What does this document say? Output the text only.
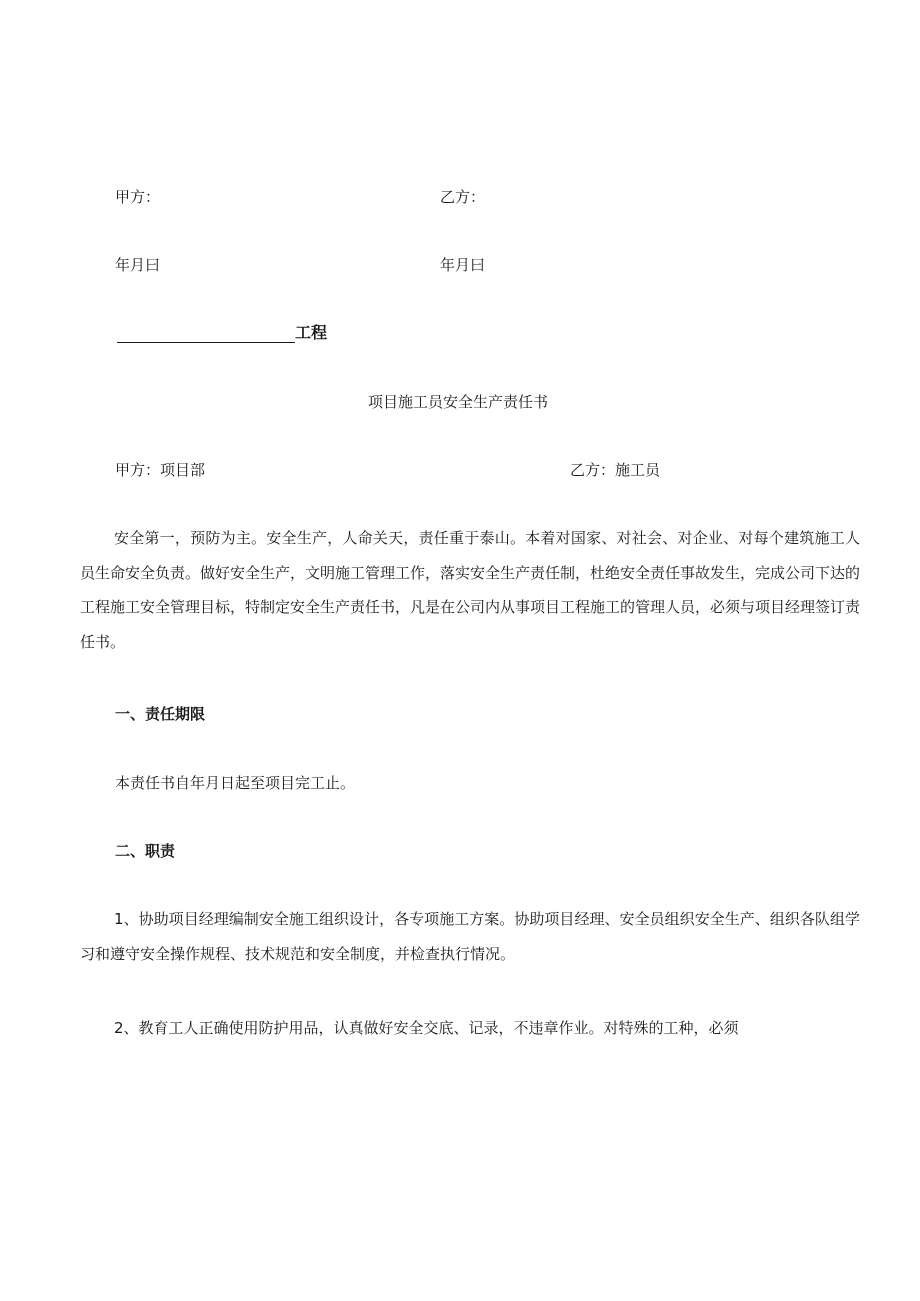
甲方：	乙方：
年月曰	年月曰
工程
项目施工员安全生产责任书
甲方：项目部	乙方：施工员

安全第一，预防为主。安全生产，人命关天，责任重于泰山。本着对国家、对社会、对企业、对每个建筑施工人员生命安全负责。做好安全生产，文明施工管理工作，落实安全生产责任制，杜绝安全责任事故发生，完成公司下达的工程施工安全管理目标，特制定安全生产责任书，凡是在公司内从事项目工程施工的管理人员，必须与项目经理签订责任书。

一、责任期限
本责任书自年月日起至项目完工止。
二、职责

1、协助项目经理编制安全施工组织设计，各专项施工方案。协助项目经理、安全员组织安全生产、组织各队组学习和遵守安全操作规程、技术规范和安全制度，并检查执行情况。

2、教育工人正确使用防护用品，认真做好安全交底、记录，不违章作业。对特殊的工种，必须
